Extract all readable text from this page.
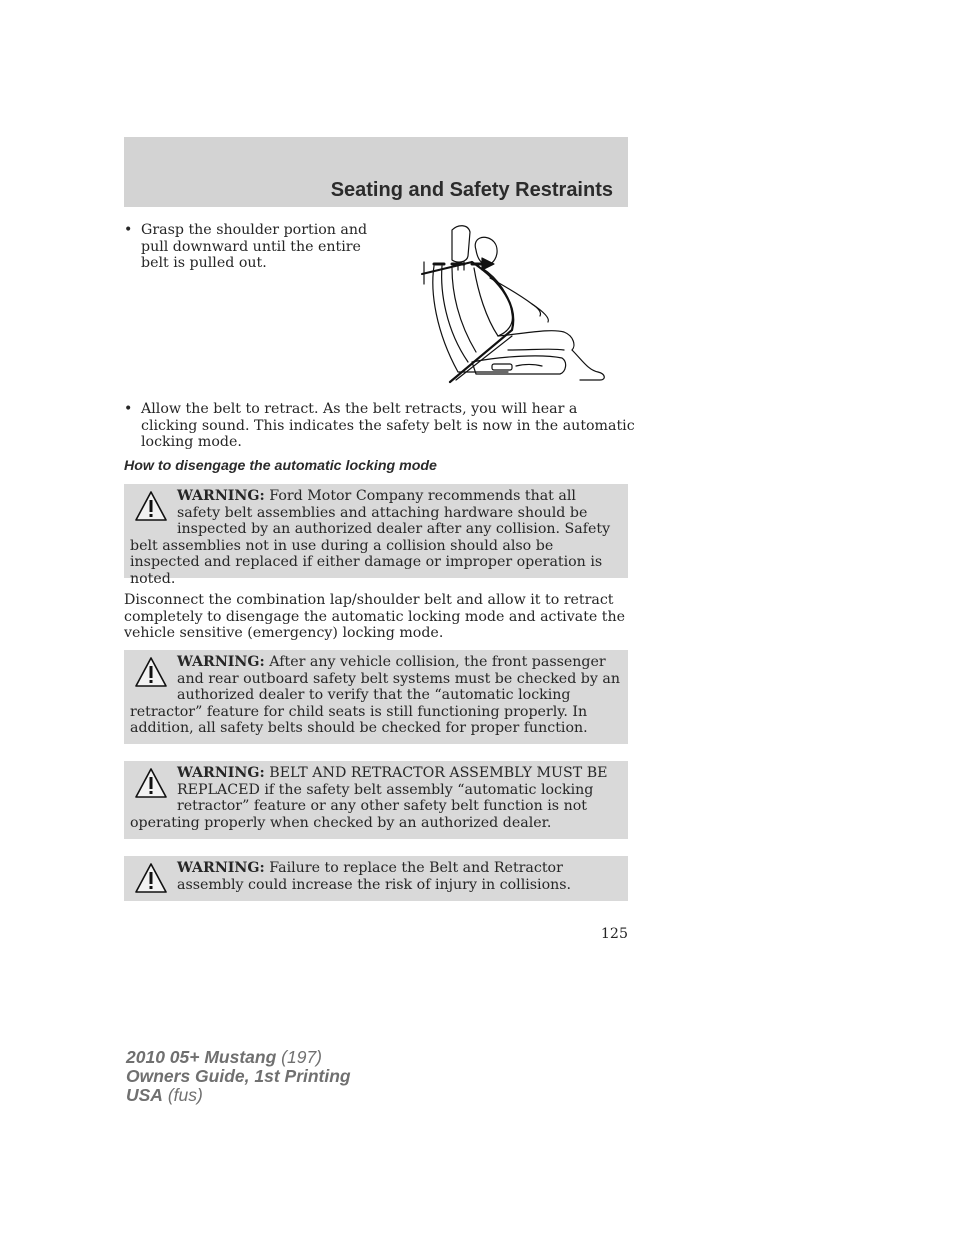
Seating and Safety Restraints
• Grasp the shoulder portion and pull downward until the entire belt is pulled out.
• Allow the belt to retract. As the belt retracts, you will hear a clicking sound. This indicates the safety belt is now in the automatic locking mode.
How to disengage the automatic locking mode
WARNING: Ford Motor Company recommends that all safety belt assemblies and attaching hardware should be inspected by an authorized dealer after any collision. Safety belt assemblies not in use during a collision should also be inspected and replaced if either damage or improper operation is noted.

Disconnect the combination lap/shoulder belt and allow it to retract completely to disengage the automatic locking mode and activate the vehicle sensitive (emergency) locking mode.

WARNING: After any vehicle collision, the front passenger and rear outboard safety belt systems must be checked by an authorized dealer to verify that the “automatic locking retractor” feature for child seats is still functioning properly. In addition, all safety belts should be checked for proper function.
WARNING: BELT AND RETRACTOR ASSEMBLY MUST BE REPLACED if the safety belt assembly “automatic locking retractor” feature or any other safety belt function is not operating properly when checked by an authorized dealer.
WARNING: Failure to replace the Belt and Retractor assembly could increase the risk of injury in collisions.
125
2010 05+ Mustang (197)
Owners Guide, 1st Printing
USA (fus)
